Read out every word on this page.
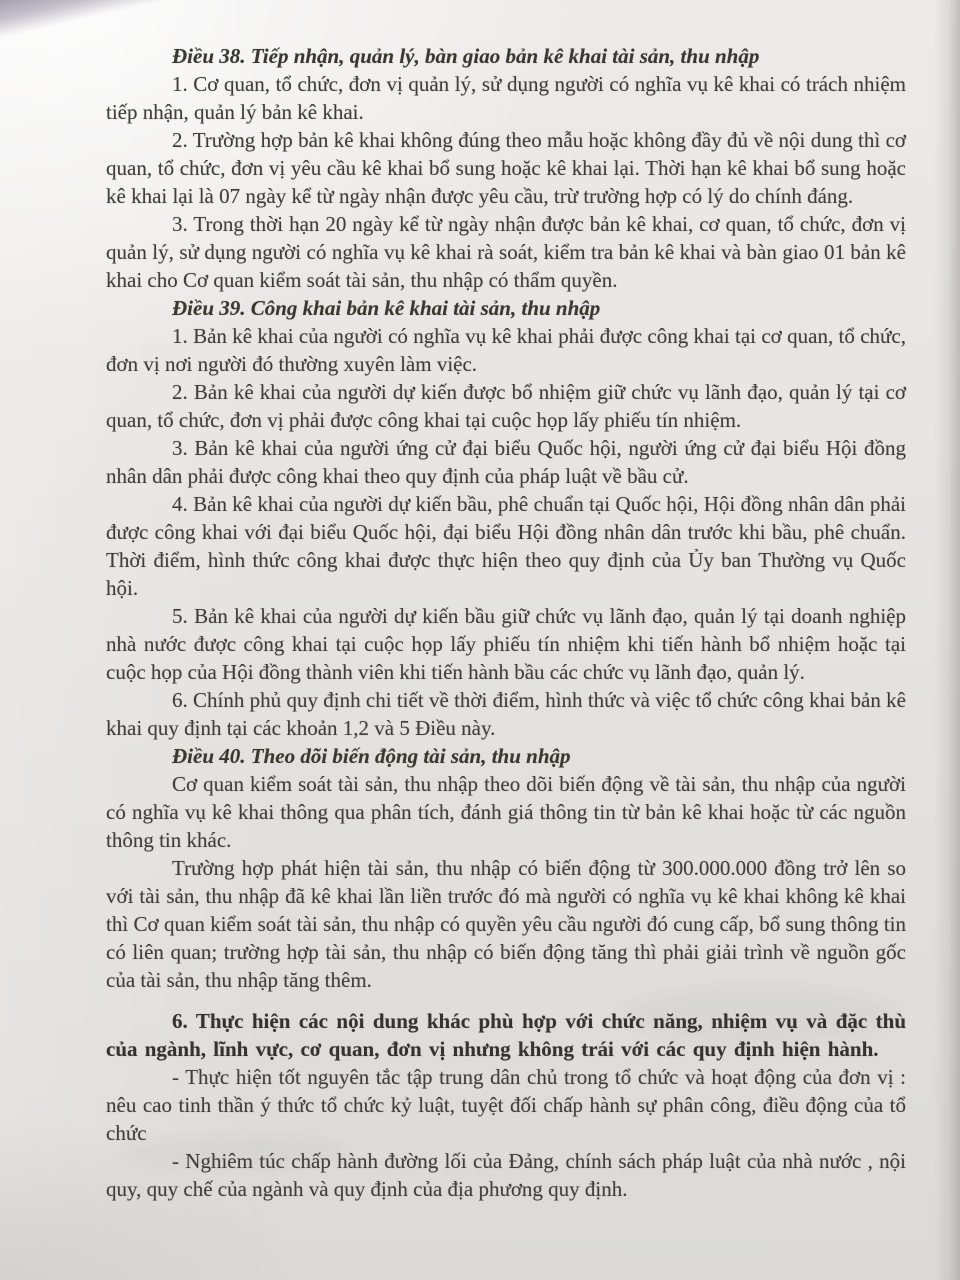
Điều 38. Tiếp nhận, quản lý, bàn giao bản kê khai tài sản, thu nhập

1. Cơ quan, tổ chức, đơn vị quản lý, sử dụng người có nghĩa vụ kê khai có trách nhiệm tiếp nhận, quản lý bản kê khai.

2. Trường hợp bản kê khai không đúng theo mẫu hoặc không đầy đủ về nội dung thì cơ quan, tổ chức, đơn vị yêu cầu kê khai bổ sung hoặc kê khai lại. Thời hạn kê khai bổ sung hoặc kê khai lại là 07 ngày kể từ ngày nhận được yêu cầu, trừ trường hợp có lý do chính đáng.

3. Trong thời hạn 20 ngày kể từ ngày nhận được bản kê khai, cơ quan, tổ chức, đơn vị quản lý, sử dụng người có nghĩa vụ kê khai rà soát, kiểm tra bản kê khai và bàn giao 01 bản kê khai cho Cơ quan kiểm soát tài sản, thu nhập có thẩm quyền.

Điều 39. Công khai bản kê khai tài sản, thu nhập

1. Bản kê khai của người có nghĩa vụ kê khai phải được công khai tại cơ quan, tổ chức, đơn vị nơi người đó thường xuyên làm việc.

2. Bản kê khai của người dự kiến được bổ nhiệm giữ chức vụ lãnh đạo, quản lý tại cơ quan, tổ chức, đơn vị phải được công khai tại cuộc họp lấy phiếu tín nhiệm.

3. Bản kê khai của người ứng cử đại biểu Quốc hội, người ứng cử đại biểu Hội đồng nhân dân phải được công khai theo quy định của pháp luật về bầu cử.

4. Bản kê khai của người dự kiến bầu, phê chuẩn tại Quốc hội, Hội đồng nhân dân phải được công khai với đại biểu Quốc hội, đại biểu Hội đồng nhân dân trước khi bầu, phê chuẩn. Thời điểm, hình thức công khai được thực hiện theo quy định của Ủy ban Thường vụ Quốc hội.

5. Bản kê khai của người dự kiến bầu giữ chức vụ lãnh đạo, quản lý tại doanh nghiệp nhà nước được công khai tại cuộc họp lấy phiếu tín nhiệm khi tiến hành bổ nhiệm hoặc tại cuộc họp của Hội đồng thành viên khi tiến hành bầu các chức vụ lãnh đạo, quản lý.

6. Chính phủ quy định chi tiết về thời điểm, hình thức và việc tổ chức công khai bản kê khai quy định tại các khoản 1,2 và 5 Điều này.

Điều 40. Theo dõi biến động tài sản, thu nhập

Cơ quan kiểm soát tài sản, thu nhập theo dõi biến động về tài sản, thu nhập của người có nghĩa vụ kê khai thông qua phân tích, đánh giá thông tin từ bản kê khai hoặc từ các nguồn thông tin khác.

Trường hợp phát hiện tài sản, thu nhập có biến động từ 300.000.000 đồng trở lên so với tài sản, thu nhập đã kê khai lần liền trước đó mà người có nghĩa vụ kê khai không kê khai thì Cơ quan kiểm soát tài sản, thu nhập có quyền yêu cầu người đó cung cấp, bổ sung thông tin có liên quan; trường hợp tài sản, thu nhập có biến động tăng thì phải giải trình về nguồn gốc của tài sản, thu nhập tăng thêm.

6. Thực hiện các nội dung khác phù hợp với chức năng, nhiệm vụ và đặc thù của ngành, lĩnh vực, cơ quan, đơn vị nhưng không trái với các quy định hiện hành.

- Thực hiện tốt nguyên tắc tập trung dân chủ trong tổ chức và hoạt động của đơn vị : nêu cao tinh thần ý thức tổ chức kỷ luật, tuyệt đối chấp hành sự phân công, điều động của tổ chức

- Nghiêm túc chấp hành đường lối của Đảng, chính sách pháp luật của nhà nước , nội quy, quy chế của ngành và quy định của địa phương quy định.
